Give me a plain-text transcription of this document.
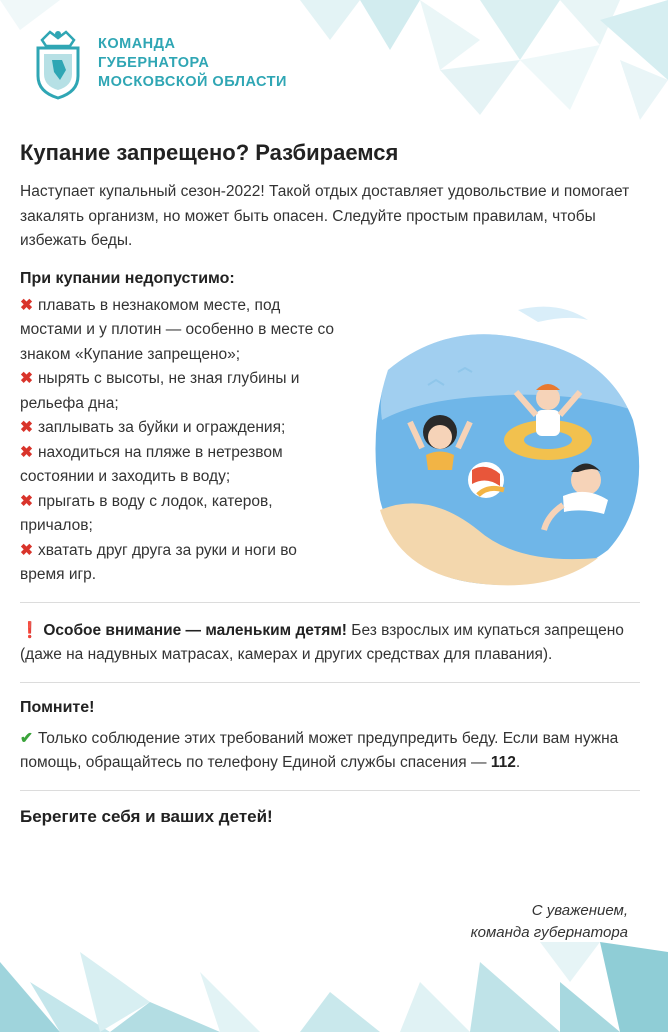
КОМАНДА
ГУБЕРНАТОРА
МОСКОВСКОЙ ОБЛАСТИ
Купание запрещено? Разбираемся

Наступает купальный сезон-2022! Такой отдых доставляет удовольствие и помогает закалять организм, но может быть опасен. Следуйте простым правилам, чтобы избежать беды.

При купании недопустимо:

✖ плавать в незнакомом месте, под мостами и у плотин — особенно в месте со знаком «Купание запрещено»;

✖ нырять с высоты, не зная глубины и рельефа дна;

✖ заплывать за буйки и ограждения;

✖ находиться на пляже в нетрезвом состоянии и заходить в воду;

✖ прыгать в воду с лодок, катеров, причалов;

✖ хватать друг друга за руки и ноги во время игр.

❗ Особое внимание — маленьким детям! Без взрослых им купаться запрещено (даже на надувных матрасах, камерах и других средствах для плавания).

Помните!

✔ Только соблюдение этих требований может предупредить беду. Если вам нужна помощь, обращайтесь по телефону Единой службы спасения — 112.

Берегите себя и ваших детей!
С уважением,
команда губернатора
